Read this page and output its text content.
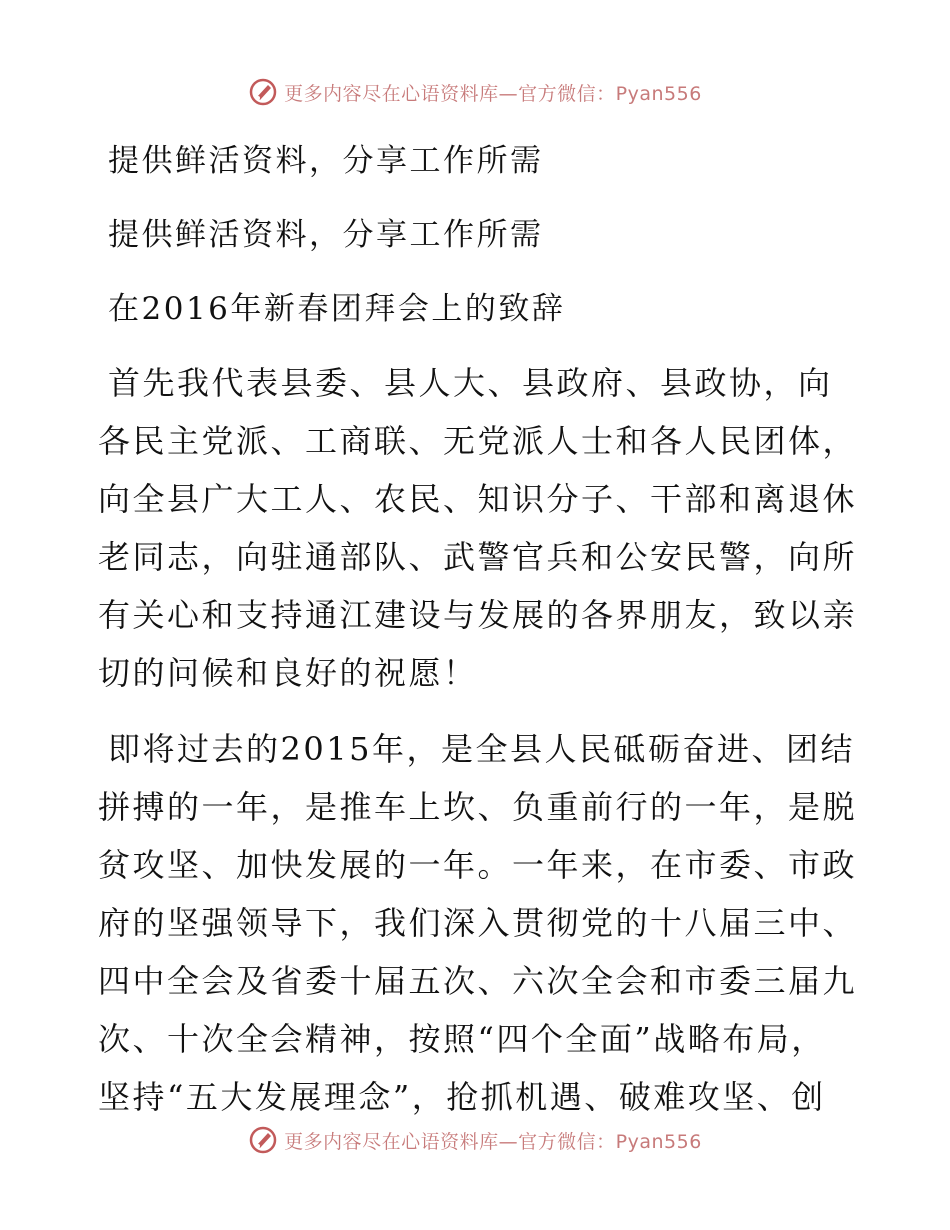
更多内容尽在心语资料库—官方微信：Pyan556
提供鲜活资料，分享工作所需
提供鲜活资料，分享工作所需
在2016年新春团拜会上的致辞
首先我代表县委、县人大、县政府、县政协，向
各民主党派、工商联、无党派人士和各人民团体，
向全县广大工人、农民、知识分子、干部和离退休
老同志，向驻通部队、武警官兵和公安民警，向所
有关心和支持通江建设与发展的各界朋友，致以亲
切的问候和良好的祝愿！
即将过去的2015年，是全县人民砥砺奋进、团结
拼搏的一年，是推车上坎、负重前行的一年，是脱
贫攻坚、加快发展的一年。一年来，在市委、市政
府的坚强领导下，我们深入贯彻党的十八届三中、
四中全会及省委十届五次、六次全会和市委三届九
次、十次全会精神，按照“四个全面”战略布局，
坚持“五大发展理念”，抢抓机遇、破难攻坚、创
更多内容尽在心语资料库—官方微信：Pyan556
